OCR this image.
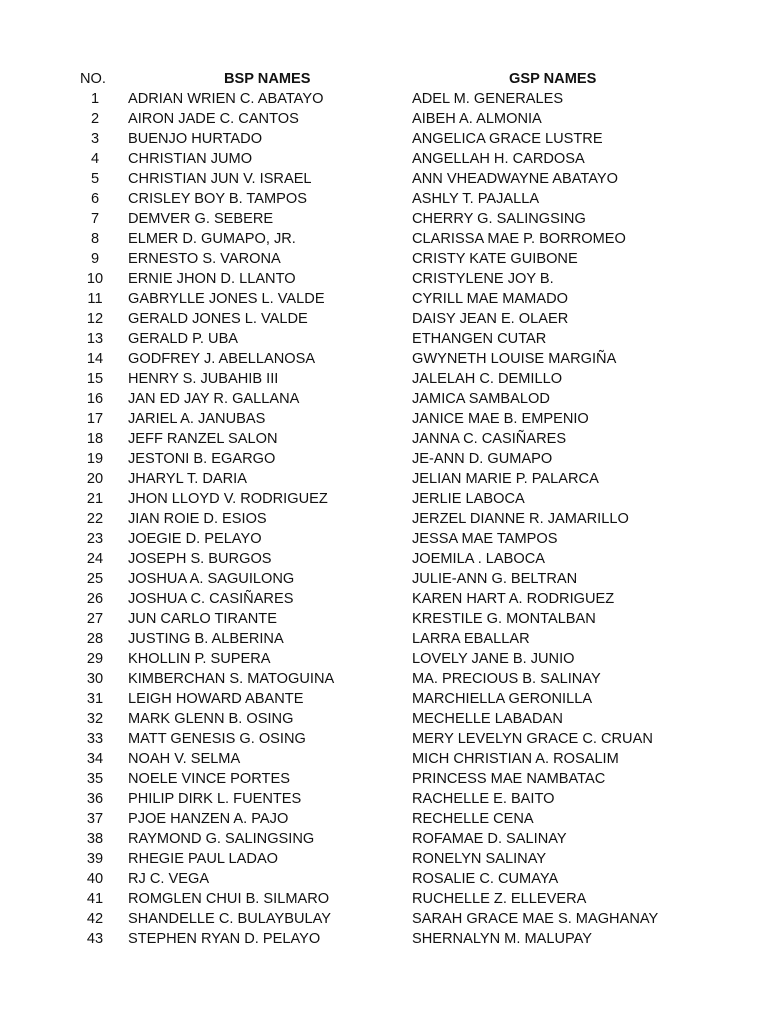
NO.	BSP NAMES	GSP NAMES
1	ADRIAN WRIEN C. ABATAYO	ADEL M. GENERALES
2	AIRON JADE C. CANTOS	AIBEH A. ALMONIA
3	BUENJO HURTADO	ANGELICA GRACE LUSTRE
4	CHRISTIAN JUMO	ANGELLAH H. CARDOSA
5	CHRISTIAN JUN V. ISRAEL	ANN VHEADWAYNE ABATAYO
6	CRISLEY BOY B. TAMPOS	ASHLY T. PAJALLA
7	DEMVER G. SEBERE	CHERRY G. SALINGSING
8	ELMER D. GUMAPO, JR.	CLARISSA MAE P. BORROMEO
9	ERNESTO S. VARONA	CRISTY KATE GUIBONE
10	ERNIE JHON D. LLANTO	CRISTYLENE JOY B.
11	GABRYLLE JONES L. VALDE	CYRILL MAE MAMADO
12	GERALD JONES L. VALDE	DAISY JEAN E. OLAER
13	GERALD P. UBA	ETHANGEN CUTAR
14	GODFREY J. ABELLANOSA	GWYNETH LOUISE MARGIÑA
15	HENRY S. JUBAHIB III	JALELAH C. DEMILLO
16	JAN ED JAY R. GALLANA	JAMICA SAMBALOD
17	JARIEL A. JANUBAS	JANICE MAE B. EMPENIO
18	JEFF RANZEL SALON	JANNA C. CASIÑARES
19	JESTONI B. EGARGO	JE-ANN D. GUMAPO
20	JHARYL T. DARIA	JELIAN MARIE P. PALARCA
21	JHON LLOYD V. RODRIGUEZ	JERLIE LABOCA
22	JIAN ROIE D. ESIOS	JERZEL DIANNE R. JAMARILLO
23	JOEGIE D. PELAYO	JESSA MAE TAMPOS
24	JOSEPH S. BURGOS	JOEMILA . LABOCA
25	JOSHUA A. SAGUILONG	JULIE-ANN G. BELTRAN
26	JOSHUA C. CASIÑARES	KAREN HART A. RODRIGUEZ
27	JUN CARLO TIRANTE	KRESTILE G. MONTALBAN
28	JUSTING B. ALBERINA	LARRA EBALLAR
29	KHOLLIN P. SUPERA	LOVELY JANE B. JUNIO
30	KIMBERCHAN S. MATOGUINA	MA. PRECIOUS B. SALINAY
31	LEIGH HOWARD ABANTE	MARCHIELLA GERONILLA
32	MARK GLENN B. OSING	MECHELLE LABADAN
33	MATT GENESIS G. OSING	MERY LEVELYN GRACE C. CRUAN
34	NOAH V. SELMA	MICH CHRISTIAN A. ROSALIM
35	NOELE VINCE PORTES	PRINCESS MAE NAMBATAC
36	PHILIP DIRK L. FUENTES	RACHELLE E. BAITO
37	PJOE HANZEN A. PAJO	RECHELLE CENA
38	RAYMOND G. SALINGSING	ROFAMAE D. SALINAY
39	RHEGIE PAUL LADAO	RONELYN SALINAY
40	RJ C. VEGA	ROSALIE C. CUMAYA
41	ROMGLEN CHUI B. SILMARO	RUCHELLE Z. ELLEVERA
42	SHANDELLE C. BULAYBULAY	SARAH GRACE MAE S. MAGHANAY
43	STEPHEN RYAN D. PELAYO	SHERNALYN M. MALUPAY
